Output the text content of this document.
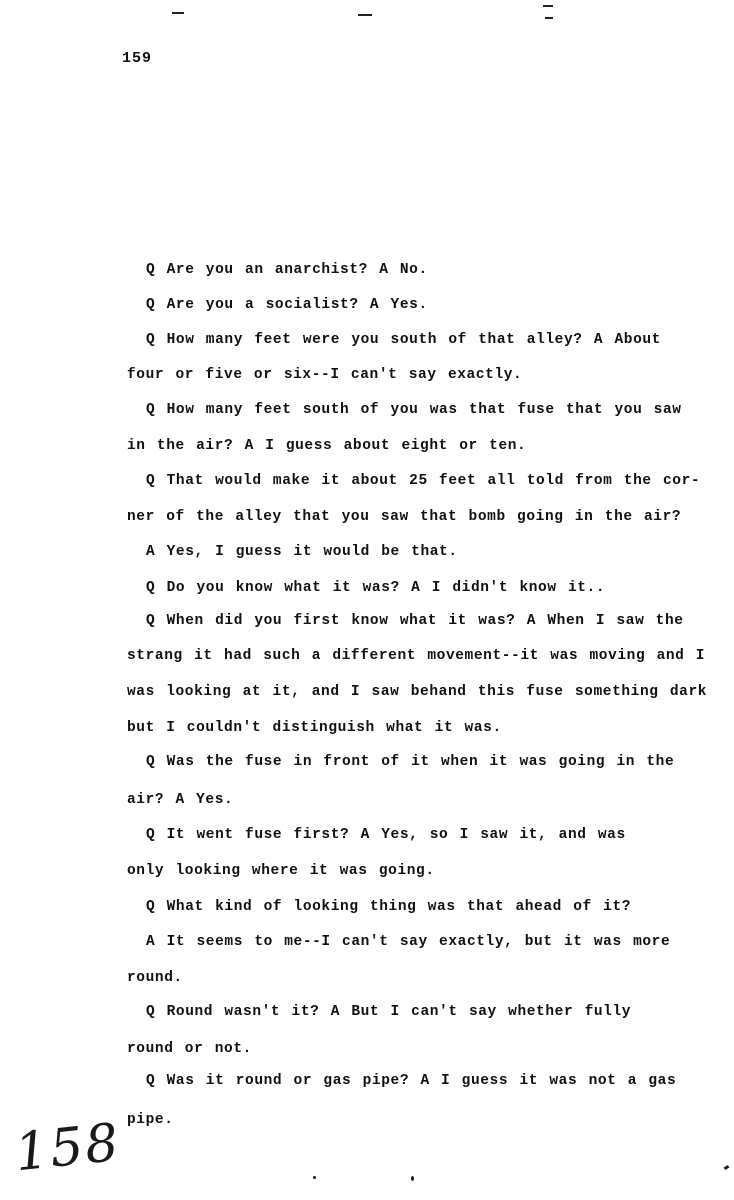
159
Q Are you an anarchist? A No.
Q Are you a socialist? A Yes.
Q How many feet were you south of that alley? A About
four or five or six--I can't say exactly.
Q How many feet south of you was that fuse that you saw
in the air? A I guess about eight or ten.
Q That would make it about 25 feet all told from the cor-
ner of the alley that you saw that bomb going in the air?
A Yes, I guess it would be that.
Q Do you know what it was? A I didn't know it..
Q When did you first know what it was? A When I saw the
strang it had such a different movement--it was moving and I
was looking at it, and I saw behand this fuse something dark
but I couldn't distinguish what it was.
Q Was the fuse in front of it when it was going in the
air? A Yes.
Q It went fuse first? A Yes, so I saw it, and was
only looking where it was going.
Q What kind of looking thing was that ahead of it?
A It seems to me--I can't say exactly, but it was more
round.
Q Round wasn't it? A But I can't say whether fully
round or not.
Q Was it round or gas pipe? A I guess it was not a gas
pipe.
158
